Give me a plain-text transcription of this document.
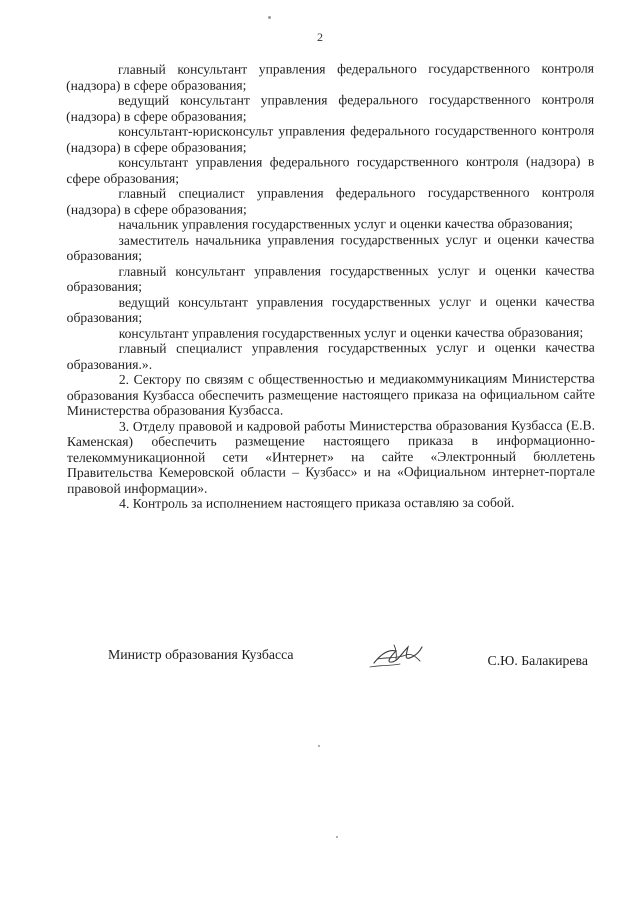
2

главный консультант управления федерального государственного контроля (надзора) в сфере образования;

ведущий консультант управления федерального государственного контроля (надзора) в сфере образования;

консультант-юрисконсульт управления федерального государственного контроля (надзора) в сфере образования;

консультант управления федерального государственного контроля (надзора) в сфере образования;

главный специалист управления федерального государственного контроля (надзора) в сфере образования;

начальник управления государственных услуг и оценки качества образования;

заместитель начальника управления государственных услуг и оценки качества образования;

главный консультант управления государственных услуг и оценки качества образования;

ведущий консультант управления государственных услуг и оценки качества образования;

консультант управления государственных услуг и оценки качества образования;

главный специалист управления государственных услуг и оценки качества образования.».

2. Сектору по связям с общественностью и медиакоммуникациям Министерства образования Кузбасса обеспечить размещение настоящего приказа на официальном сайте Министерства образования Кузбасса.

3. Отделу правовой и кадровой работы Министерства образования Кузбасса (Е.В. Каменская) обеспечить размещение настоящего приказа в информационно-телекоммуникационной сети «Интернет» на сайте «Электронный бюллетень Правительства Кемеровской области – Кузбасс» и на «Официальном интернет-портале правовой информации».

4. Контроль за исполнением настоящего приказа оставляю за собой.

Министр образования Кузбасса	С.Ю. Балакирева
